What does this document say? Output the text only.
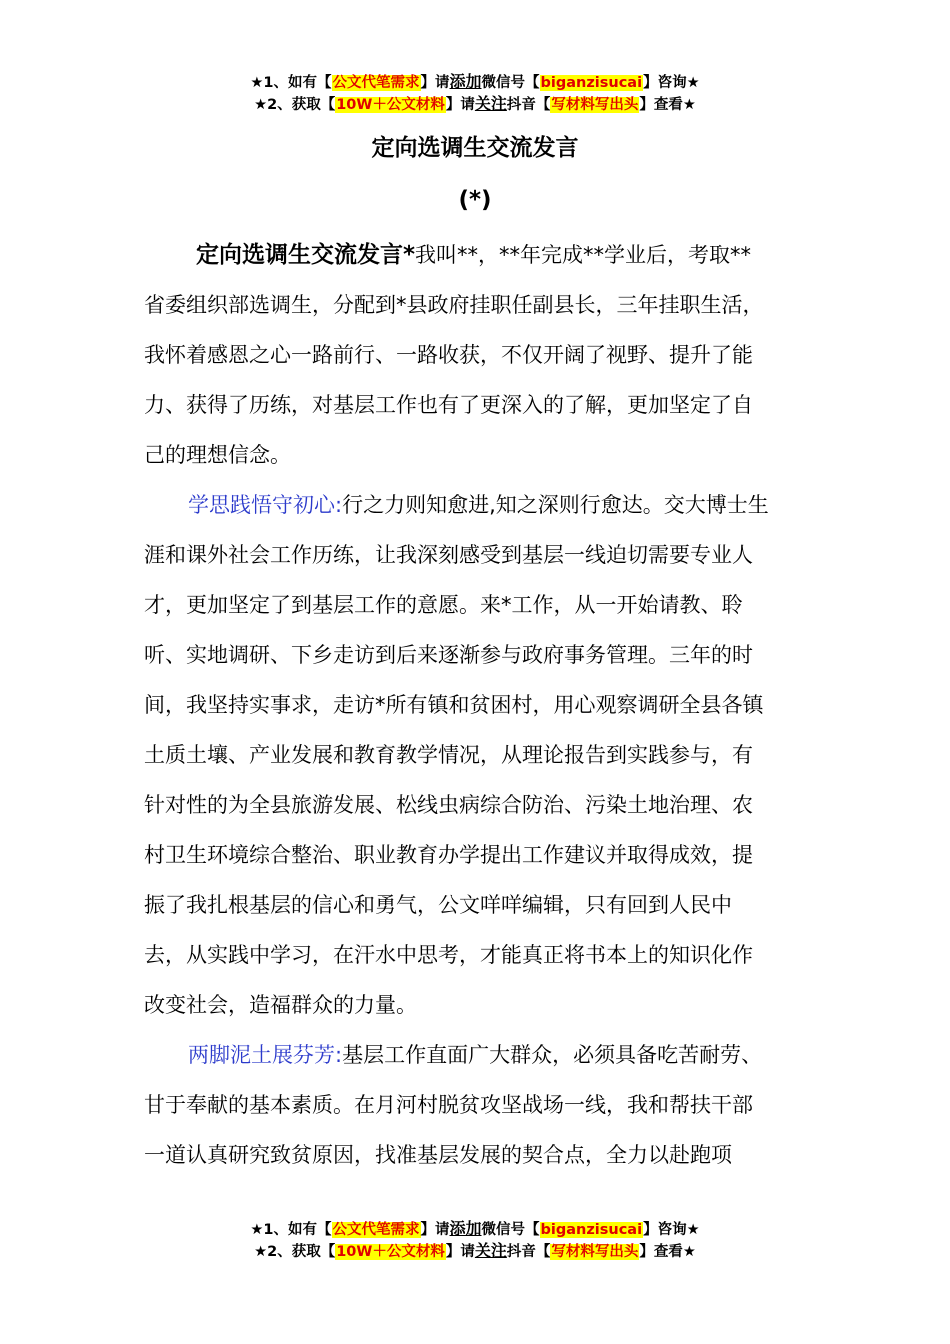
★1、如有【公文代笔需求】请添加微信号【biganzisucai】咨询★
★2、获取【10W＋公文材料】请关注抖音【写材料写出头】查看★
定向选调生交流发言
(*)

定向选调生交流发言*我叫**，**年完成**学业后，考取**
省委组织部选调生，分配到*县政府挂职任副县长，三年挂职生活，
我怀着感恩之心一路前行、一路收获，不仅开阔了视野、提升了能
力、获得了历练，对基层工作也有了更深入的了解，更加坚定了自
己的理想信念。

学思践悟守初心:行之力则知愈进,知之深则行愈达。交大博士生
涯和课外社会工作历练，让我深刻感受到基层一线迫切需要专业人
才，更加坚定了到基层工作的意愿。来*工作，从一开始请教、聆
听、实地调研、下乡走访到后来逐渐参与政府事务管理。三年的时
间，我坚持实事求，走访*所有镇和贫困村，用心观察调研全县各镇
土质土壤、产业发展和教育教学情况，从理论报告到实践参与，有
针对性的为全县旅游发展、松线虫病综合防治、污染土地治理、农
村卫生环境综合整治、职业教育办学提出工作建议并取得成效，提
振了我扎根基层的信心和勇气，公文咩咩编辑，只有回到人民中
去，从实践中学习，在汗水中思考，才能真正将书本上的知识化作
改变社会，造福群众的力量。

两脚泥土展芬芳:基层工作直面广大群众，必须具备吃苦耐劳、
甘于奉献的基本素质。在月河村脱贫攻坚战场一线，我和帮扶干部
一道认真研究致贫原因，找准基层发展的契合点，全力以赴跑项

★1、如有【公文代笔需求】请添加微信号【biganzisucai】咨询★
★2、获取【10W＋公文材料】请关注抖音【写材料写出头】查看★
